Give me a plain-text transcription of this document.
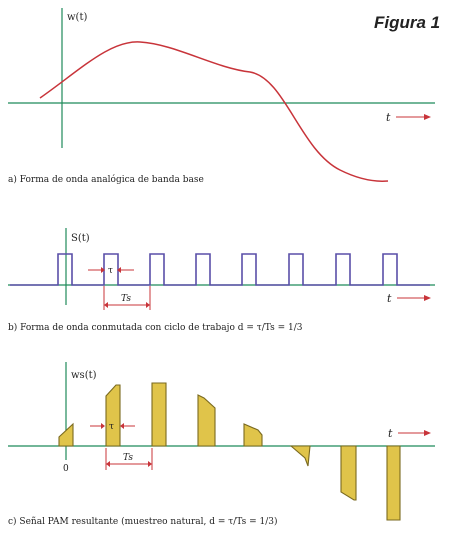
Figura 1
w(t)
t
a) Forma de onda analógica de banda base
S(t)
τ
Ts	t
b) Forma de onda conmutada con ciclo de trabajo d = τ/Ts = 1/3
ws(t)
τ
Ts
0
t
c) Señal PAM resultante (muestreo natural, d = τ/Ts = 1/3)
